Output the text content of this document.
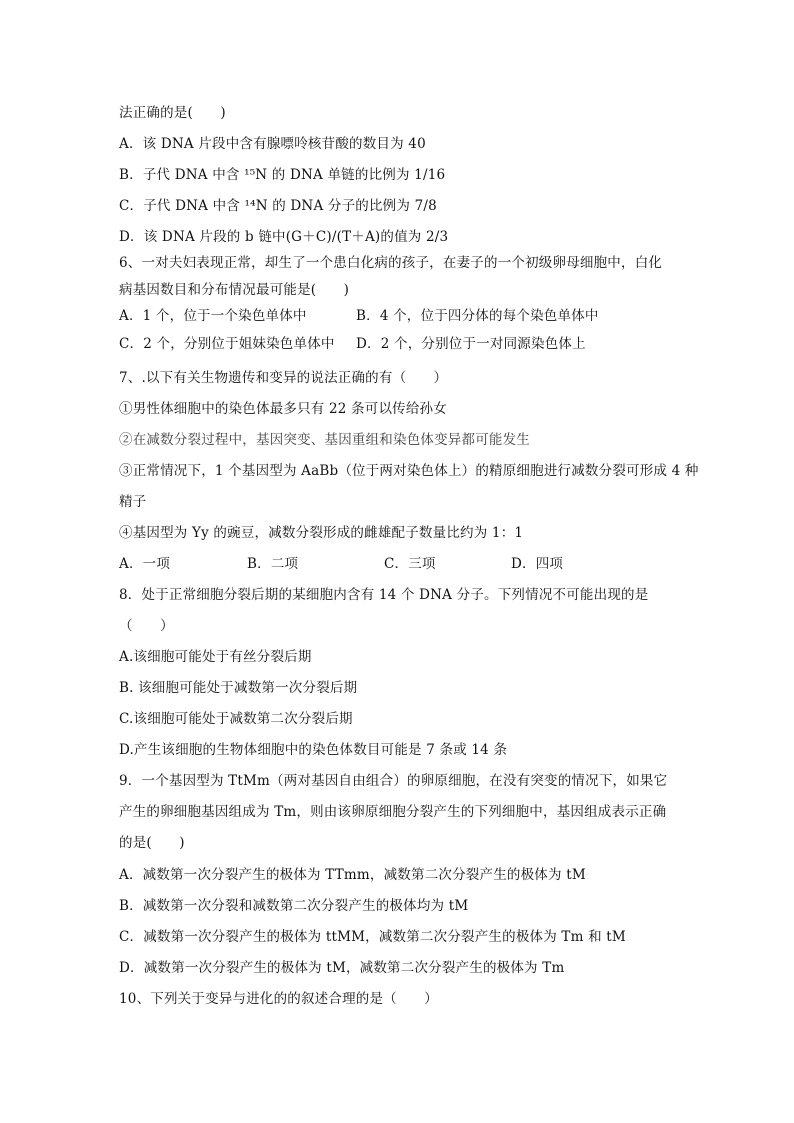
法正确的是(　　)
A．该 DNA 片段中含有腺嘌呤核苷酸的数目为 40
B．子代 DNA 中含 ¹⁵N 的 DNA 单链的比例为 1/16
C．子代 DNA 中含 ¹⁴N 的 DNA 分子的比例为 7/8
D．该 DNA 片段的 b 链中(G＋C)/(T＋A)的值为 2/3
6、一对夫妇表现正常，却生了一个患白化病的孩子，在妻子的一个初级卵母细胞中，白化
病基因数目和分布情况最可能是(　　)
A．1 个，位于一个染色单体中	B．4 个，位于四分体的每个染色单体中
C．2 个，分别位于姐妹染色单体中 D．2 个，分别位于一对同源染色体上
7、.以下有关生物遗传和变异的说法正确的有（　　）
①男性体细胞中的染色体最多只有 22 条可以传给孙女
②在减数分裂过程中，基因突变、基因重组和染色体变异都可能发生
③正常情况下，1 个基因型为 AaBb（位于两对染色体上）的精原细胞进行减数分裂可形成 4 种
精子
④基因型为 Yy 的豌豆，减数分裂形成的雌雄配子数量比约为 1：1
A．一项	B．二项	C．三项	D．四项
8．处于正常细胞分裂后期的某细胞内含有 14 个 DNA 分子。下列情况不可能出现的是
（　　）
A.该细胞可能处于有丝分裂后期
B. 该细胞可能处于减数第一次分裂后期
C.该细胞可能处于减数第二次分裂后期
D.产生该细胞的生物体细胞中的染色体数目可能是 7 条或 14 条
9．一个基因型为 TtMm（两对基因自由组合）的卵原细胞，在没有突变的情况下，如果它
产生的卵细胞基因组成为 Tm，则由该卵原细胞分裂产生的下列细胞中，基因组成表示正确
的是(　　)
A．减数第一次分裂产生的极体为 TTmm，减数第二次分裂产生的极体为 tM
B．减数第一次分裂和减数第二次分裂产生的极体均为 tM
C．减数第一次分裂产生的极体为 ttMM，减数第二次分裂产生的极体为 Tm 和 tM
D．减数第一次分裂产生的极体为 tM，减数第二次分裂产生的极体为 Tm
10、下列关于变异与进化的的叙述合理的是（　　）
